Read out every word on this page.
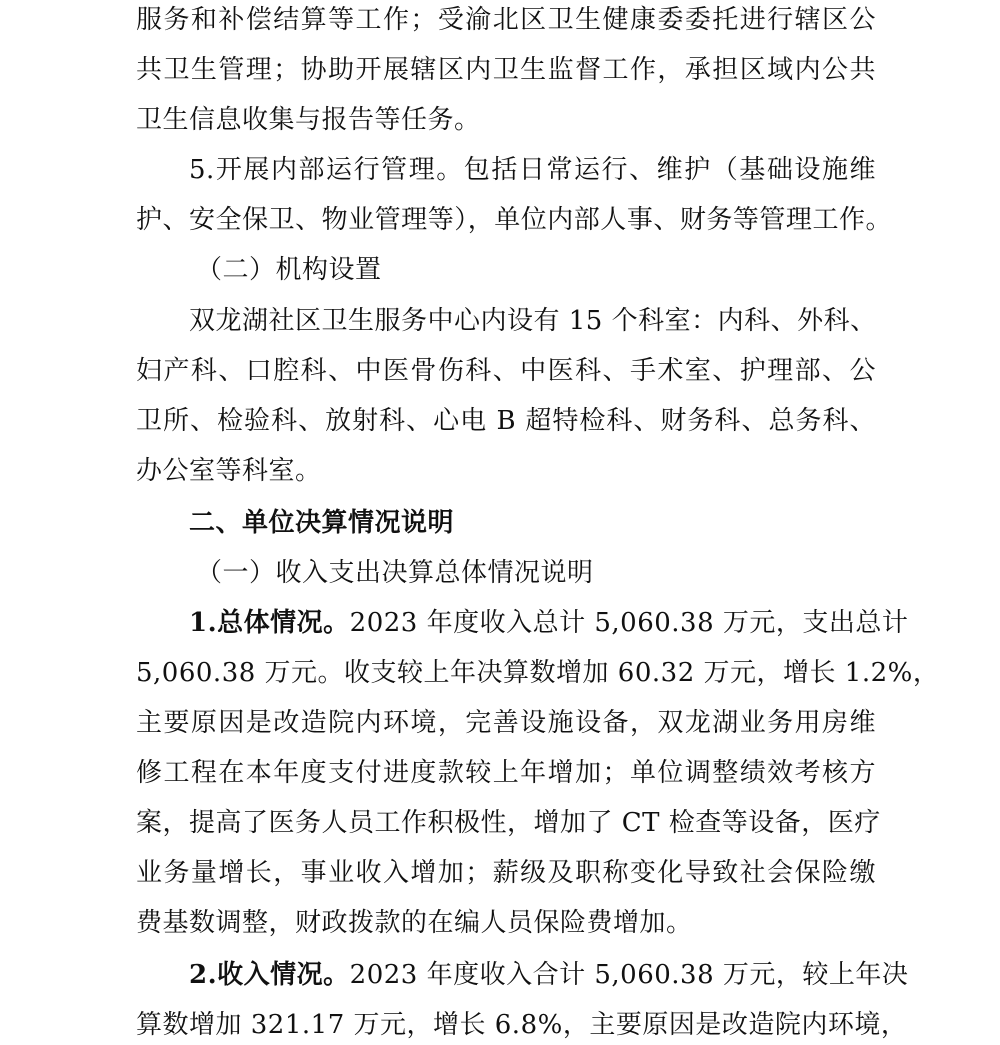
服务和补偿结算等工作；受渝北区卫生健康委委托进行辖区公
共卫生管理；协助开展辖区内卫生监督工作，承担区域内公共
卫生信息收集与报告等任务。
5.开展内部运行管理。包括日常运行、维护（基础设施维
护、安全保卫、物业管理等），单位内部人事、财务等管理工作。
（二）机构设置
双龙湖社区卫生服务中心内设有 15 个科室：内科、外科、
妇产科、口腔科、中医骨伤科、中医科、手术室、护理部、公
卫所、检验科、放射科、心电 B 超特检科、财务科、总务科、
办公室等科室。
二、单位决算情况说明
（一）收入支出决算总体情况说明
1.总体情况。2023 年度收入总计 5,060.38 万元，支出总计
5,060.38 万元。收支较上年决算数增加 60.32 万元，增长 1.2%，
主要原因是改造院内环境，完善设施设备，双龙湖业务用房维
修工程在本年度支付进度款较上年增加；单位调整绩效考核方
案，提高了医务人员工作积极性，增加了 CT 检查等设备，医疗
业务量增长，事业收入增加；薪级及职称变化导致社会保险缴
费基数调整，财政拨款的在编人员保险费增加。
2.收入情况。2023 年度收入合计 5,060.38 万元，较上年决
算数增加 321.17 万元，增长 6.8%，主要原因是改造院内环境，
